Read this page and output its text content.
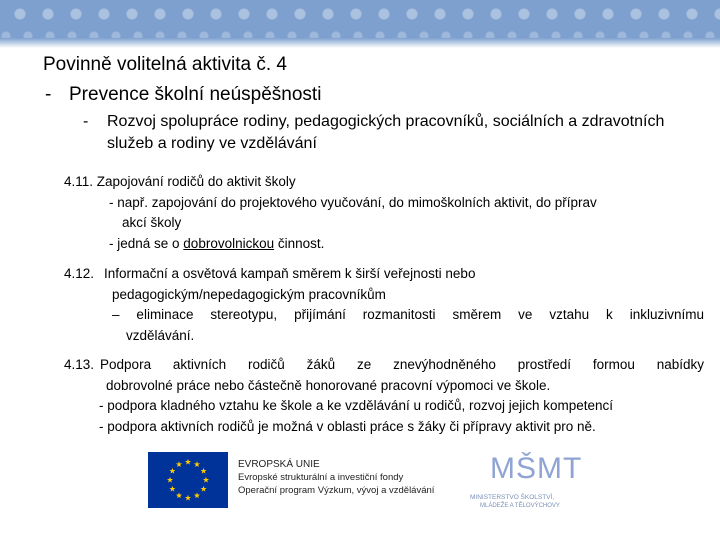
Povinně volitelná aktivita č. 4
- Prevence školní neúspěšnosti
-	Rozvoj spolupráce rodiny, pedagogických pracovníků, sociálních a zdravotních služeb a rodiny ve vzdělávání
4.11. Zapojování rodičů do aktivit školy
- např. zapojování do projektového vyučování, do mimoškolních aktivit, do příprav
akcí školy
- jedná se o dobrovolnickou činnost.
4.12. Informační a osvětová kampaň směrem k širší veřejnosti nebo
pedagogickým/nepedagogickým pracovníkům
– eliminace stereotypu, přijímání rozmanitosti směrem ve vztahu k inkluzivnímu
vzdělávání.
4.13. Podpora aktivních rodičů žáků ze znevýhodněného prostředí formou nabídky
dobrovolné práce nebo částečně honorované pracovní výpomoci ve škole.
- podpora kladného vztahu ke škole a ke vzdělávání u rodičů, rozvoj jejich kompetencí
- podpora aktivních rodičů je možná v oblasti práce s žáky či přípravy aktivit pro ně.
EVROPSKÁ UNIE
Evropské strukturální a investiční fondy
Operační program Výzkum, vývoj a vzdělávání
MŠMT
MINISTERSTVO ŠKOLSTVÍ,
MLÁDEŽE A TĚLOVÝCHOVY
